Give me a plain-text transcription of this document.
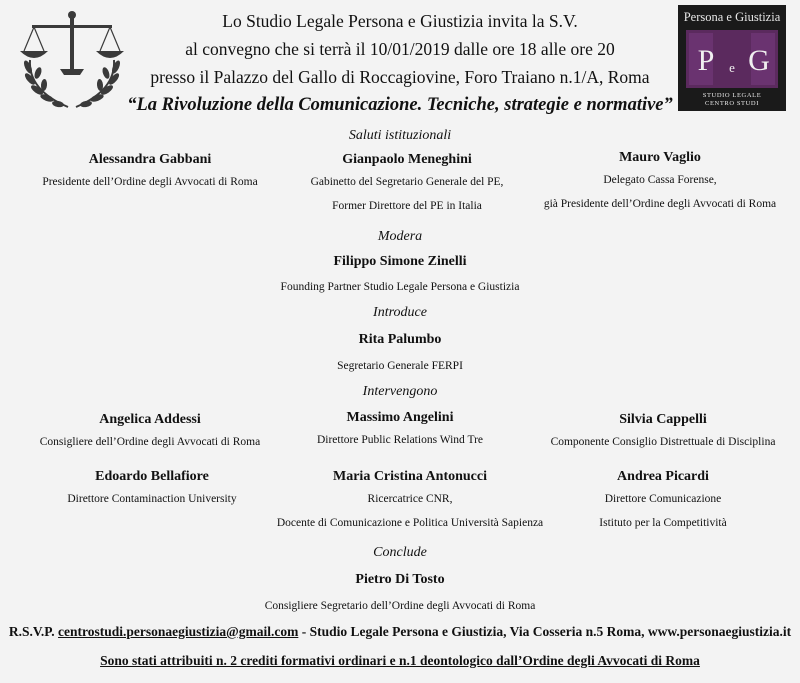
Lo Studio Legale Persona e Giustizia invita la S.V.
al convegno che si terrà il 10/01/2019 dalle ore 18 alle ore 20
presso il Palazzo del Gallo di Roccagiovine, Foro Traiano n.1/A, Roma
“La Rivoluzione della Comunicazione. Tecniche, strategie e normative”
Persona e Giustizia
P e G
STUDIO LEGALE
CENTRO STUDI
Saluti istituzionali
Alessandra Gabbani
Presidente dell’Ordine degli Avvocati di Roma
Gianpaolo Meneghini
Gabinetto del Segretario Generale del PE,
Former Direttore del PE in Italia
Mauro Vaglio
Delegato Cassa Forense,
già Presidente dell’Ordine degli Avvocati di Roma
Modera
Filippo Simone Zinelli
Founding Partner Studio Legale Persona e Giustizia
Introduce
Rita Palumbo
Segretario Generale FERPI
Intervengono
Angelica Addessi
Consigliere dell’Ordine degli Avvocati di Roma
Massimo Angelini
Direttore Public Relations Wind Tre
Silvia Cappelli
Componente Consiglio Distrettuale di Disciplina
Edoardo Bellafiore
Direttore Contaminaction University
Maria Cristina Antonucci
Ricercatrice CNR,
Docente di Comunicazione e Politica Università Sapienza
Andrea Picardi
Direttore Comunicazione
Istituto per la Competitività
Conclude
Pietro Di Tosto
Consigliere Segretario dell’Ordine degli Avvocati di Roma
R.S.V.P. centrostudi.personaegiustizia@gmail.com - Studio Legale Persona e Giustizia, Via Cosseria n.5 Roma, www.personaegiustizia.it
Sono stati attribuiti n. 2 crediti formativi ordinari e n.1 deontologico dall’Ordine degli Avvocati di Roma
